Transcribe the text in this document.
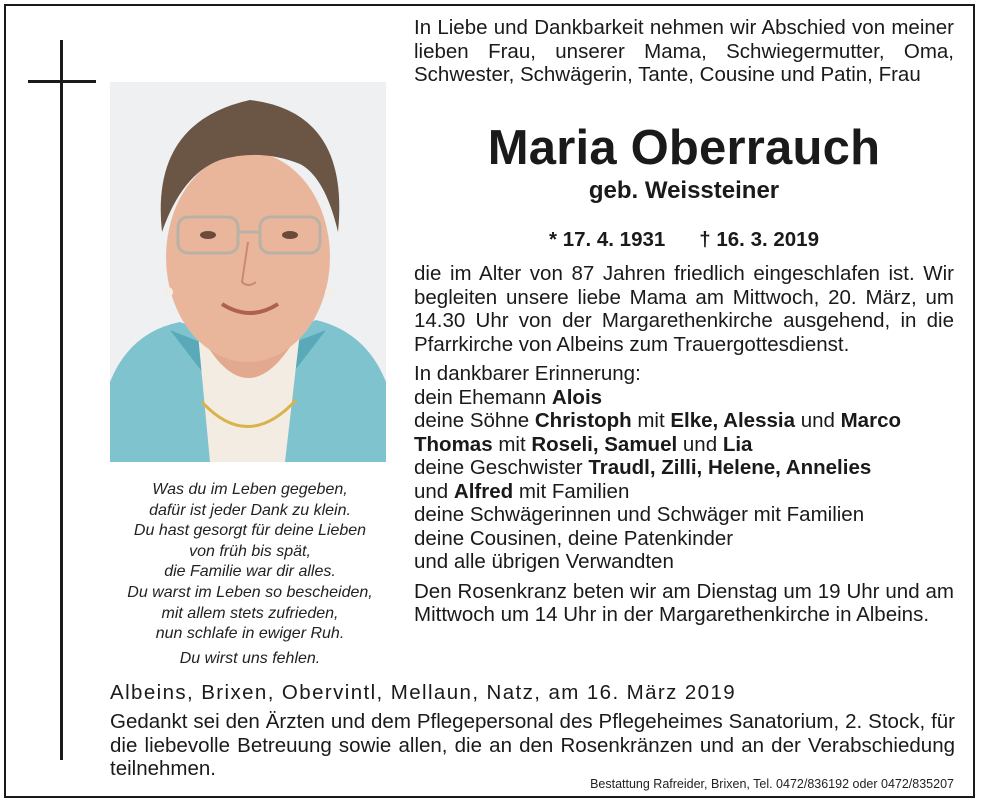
Was du im Leben gegeben,
dafür ist jeder Dank zu klein.
Du hast gesorgt für deine Lieben
von früh bis spät,
die Familie war dir alles.
Du warst im Leben so bescheiden,
mit allem stets zufrieden,
nun schlafe in ewiger Ruh.
Du wirst uns fehlen.
In Liebe und Dankbarkeit nehmen wir Abschied von meiner lieben Frau, unserer Mama, Schwiegermutter, Oma, Schwester, Schwägerin, Tante, Cousine und Patin, Frau
Maria Oberrauch
geb. Weissteiner
* 17. 4. 1931 † 16. 3. 2019
die im Alter von 87 Jahren friedlich eingeschlafen ist. Wir begleiten unsere liebe Mama am Mittwoch, 20. März, um 14.30 Uhr von der Margarethenkirche ausgehend, in die Pfarrkirche von Albeins zum Trauergottesdienst.
In dankbarer Erinnerung:
dein Ehemann Alois
deine Söhne Christoph mit Elke, Alessia und Marco
Thomas mit Roseli, Samuel und Lia
deine Geschwister Traudl, Zilli, Helene, Annelies
und Alfred mit Familien
deine Schwägerinnen und Schwäger mit Familien
deine Cousinen, deine Patenkinder
und alle übrigen Verwandten
Den Rosenkranz beten wir am Dienstag um 19 Uhr und am Mittwoch um 14 Uhr in der Margarethenkirche in Albeins.
Albeins, Brixen, Obervintl, Mellaun, Natz, am 16. März 2019
Gedankt sei den Ärzten und dem Pflegepersonal des Pflegeheimes Sanatorium, 2. Stock, für die liebevolle Betreuung sowie allen, die an den Rosenkränzen und an der Verabschiedung teilnehmen.
Bestattung Rafreider, Brixen, Tel. 0472/836192 oder 0472/835207
